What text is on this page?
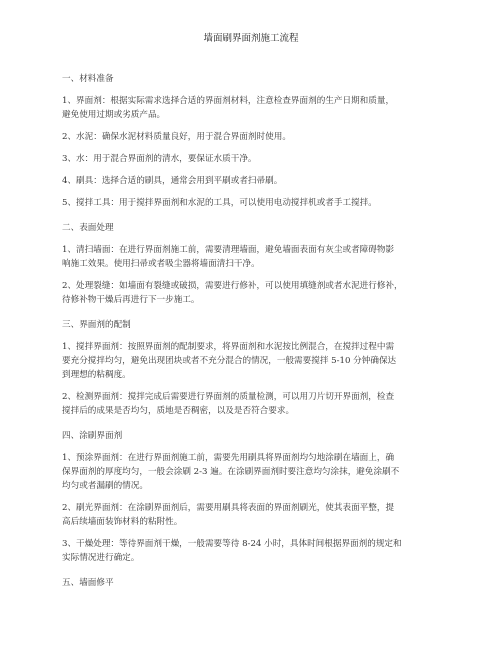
墙面刷界面剂施工流程
一、材料准备
1、界面剂：根据实际需求选择合适的界面剂材料，注意检查界面剂的生产日期和质量，
避免使用过期或劣质产品。
2、水泥：确保水泥材料质量良好，用于混合界面剂时使用。
3、水：用于混合界面剂的清水，要保证水质干净。
4、刷具：选择合适的刷具，通常会用到平刷或者扫帚刷。
5、搅拌工具：用于搅拌界面剂和水泥的工具，可以使用电动搅拌机或者手工搅拌。
二、表面处理
1、清扫墙面：在进行界面剂施工前，需要清理墙面，避免墙面表面有灰尘或者障碍物影
响施工效果。使用扫帚或者吸尘器将墙面清扫干净。
2、处理裂缝：如墙面有裂缝或破损，需要进行修补，可以使用填缝剂或者水泥进行修补，
待修补物干燥后再进行下一步施工。
三、界面剂的配制
1、搅拌界面剂：按照界面剂的配制要求，将界面剂和水泥按比例混合，在搅拌过程中需
要充分搅拌均匀，避免出现团块或者不充分混合的情况，一般需要搅拌 5-10 分钟确保达
到理想的粘稠度。
2、检测界面剂：搅拌完成后需要进行界面剂的质量检测，可以用刀片切开界面剂，检查
搅拌后的成果是否均匀，质地是否稠密，以及是否符合要求。
四、涂刷界面剂
1、预涂界面剂：在进行界面剂施工前，需要先用刷具将界面剂均匀地涂刷在墙面上，确
保界面剂的厚度均匀，一般会涂刷 2-3 遍。在涂刷界面剂时要注意均匀涂抹，避免涂刷不
均匀或者漏刷的情况。
2、刷光界面剂：在涂刷界面剂后，需要用刷具将表面的界面剂刷光，使其表面平整，提
高后续墙面装饰材料的粘附性。
3、干燥处理：等待界面剂干燥，一般需要等待 8-24 小时，具体时间根据界面剂的规定和
实际情况进行确定。
五、墙面修平
